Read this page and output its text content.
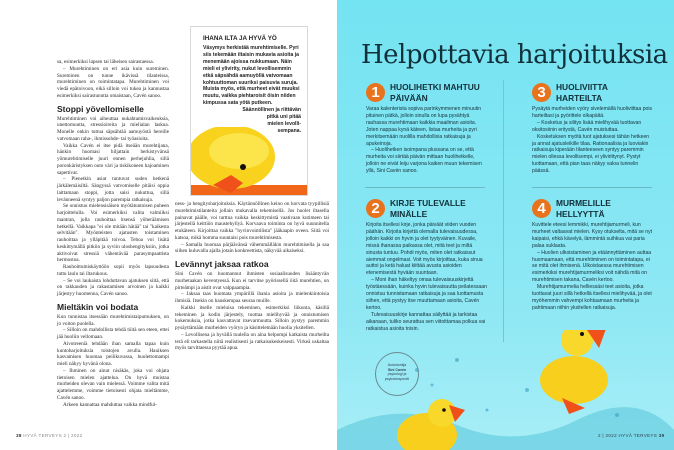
sa, esimerkiksi lapsen tai läheisen sairastaessa.

– Murehtiminen on eri asia kuin sureminen. Sureminen on tunne ikävissä tilanteissa, murehtiminen on toimintatapa. Murehtiminen voi viedä epätoivoon, eikä silloin voi tukea ja kannustaa esimerkiksi sairastunutta omaistaan, Cavén sanoo.

Stoppi yövellomiselle

Murehtiminen voi aiheuttaa nukahtamisvaikeuksia, unettomuutta, stressioireita ja mielialan laskua. Monelle onkin tuttua säpsähtää aamuyöstä hereille vatvomaan raha-, ihmissuhde- tai työasioita.

Vaikka Cavén ei itse pidä itseään murehtijana, hänkin huomasi hiljattain herkistyvänsä yömurehtimiselle juuri ennen perhejuhlia, sillä poronkäristyksen outo väri ja tiskikoneen hajoaminen sapettivat.

– Pienetkin asiat tuntuvat suden hetkenä järkälemäisiltä. Sängyssä vatvomiselle pitäisi oppia laittamaan stoppi, jotta saisi nukuttua, sillä levänneenä syntyy paljon parempia ratkaisuja.

Se onnistuu mielensisäisen myötätuntoisen puheen harjoittelulla. Voi esimerkiksi valita valmiiksi mantran, jolla rauhoittaa itsensä yöheräämisen hetkellä. Vaikkapa "ei ole mitään hätää" tai "kaikesta selvitään". Myönteisten ajatusten toistaminen rauhoittaa ja ylläpitää toivoa. Tehoa voi lisätä keskittymällä pitkiin ja syviin uloshengityksiin, jotka aktivoivat stressiä vähentävää parasympaattista hermostoa.

Rauhoittumiskäyttöön sopii myös lapsuudesta tuttu laulu tai iltarukous.

– Se voi laukaista lohduttavan ajatuksen siitä, että on rakkauden ja rakastamisen arvoinen ja kaikki järjestyy huomenna, Cavén sanoo.

Mieltäkin voi bodata

Kun tunnistaa itsessään murehtimistaipumuksen, on jo voiton puolella.

– Silloin on mahdollista tehdä töitä sen eteen, ettei jää huoliin vellomaan.

Aivotreeniä tehdään ihan samalla tapaa kuin kuntoharjoituksia toistojen avulla. Hauiksen kasvamisen huomaa peilikuvassa, huolettomampi mieli näkyy hyvänä olona.

– Ihminen on ainut nisäkäs, joka voi ohjata tietoisen mielen ajattelua. On hyvä muistaa murheiden olevan vain mielessä. Voimme valita mitä ajattelemme, voimme tietoisesti ohjata mieltämme, Cavén sanoo.

Arkeen kannattaa mahduttaa vaikka mindful-

IHANA ILTA JA HYVÄ YÖ
Väsymys herkistää murehtimiselle. Pyri siis tekemään iltaisin mukavia asioita ja menemään ajoissa nukkumaan. Näin mieli ei ylivirity, nukut levollisemmin etkä säpsähdä aamuyöllä vatvomaan kohtuuttoman suuriksi paisuvia suruja. Muista myös, että murheet eivät muuksi muutu, vaikka piehtaroisit öisin niiden kimpussa sata yötä putkeen.
Säännöllinen ja riittävän pitkä uni pitää
mielen levolli-
sempana.

ness- ja hengitysharjoituksia. Käytännöllinen keino on korvata tyypillisiä murehtimistilanteita jollain mukavalla tekemisellä. Jos huolet iltasella painavat päälle, voi tarttua vaikka keskittymistä vaativaan kutimeen tai järjestellä keittiön maustehyllyä. Korvaava toiminta on hyvä suunnitella etukäteen. Kirjoittaa vaikka "hyvinvointilista" jääkaapin oveen. Siitä voi katsoa, mikä homma suuntaisi pois murehtimisesta.

– Samalla huomaa pärjäävänsä vähemmälläkin murehtimisella ja saa siihen kuluvalla ajalla jotain konkreettista, näkyvää aikaiseksi.

Levännyt jaksaa ratkoa

Sini Cavén on huomannut ihmisten sosiaalisuuden lisääntyvän murhetaakan keventyessä. Kun ei tarvitse pyörissellä öitä murehtien, on pirteämpi ja aistit ovat valppaampia.

– Jaksaa taas huomata ympärillä ihania asioita ja mielenkiintoisia ihmisiä. Itsekin on hauskempaa seuraa muille.

Kaikki itselle mieluisa tekeminen, esimerkiksi liikunta, käsillä tekeminen ja kodin järjestely, tuottaa mielihyvää ja onnistumisen kokemuksia, jotka kasvattavat itsevarmuutta. Silloin pystyy paremmin pysäyttämään murheiden vyöryn ja käsittelemään huolia yksitellen.

– Levollisena ja hyvällä tuulella on aina helpompi katkaista murheilta terä eli tarkastella niitä realistisesti ja ratkaisukeskeisesti. Virkeä uskaltaa myös tarvittaessa pyytää apua.

38 HYVÄ TERVEYS 2 | 2022
Helpottavia harjoituksia
1	HUOLIHETKI MAHTUU PÄIVÄÄN

Varaa kalenterista sopiva parinkymmenen minuutin pituinen pätkä, jolloin sinulla on lupa pysähtyä rauhassa murehtimaan kaikkia maailman asioita. Joten nappaa kynä käteen, listaa murheita ja pyri merkitsemään nuolilla mahdollisia ratkaisuja ja apukeinoja.

– Huolihetken isoimpana plussana on se, että murheita voi siirtää päivän mittaan huolihetkelle, jolloin ne eivät leiju varjona kaiken muun tekemisen yllä, Sini Cavén sanoo.

2	KIRJE TULEVALLE MINÄLLE

Kirjoita itsellesi kirje, jonka päiväät viiden vuoden päähän. Kirjoita kirjettä olemalla tulevaisuudessa, jolloin kaikki on hyvin ja olet tyytyväinen. Kuvaile, missä ihanassa paikassa olet, mitä teet ja miltä sinusta tuntuu. Pohdi myös, miten olet ratkaissut aiemmat ongelmasi. Voit myös kirjoittaa, kuka sinua auttoi ja ketä haluat kiittää avusta asioiden etenemisestä hyvään suuntaan.

– Moni ihan häkeltyy omaa tulevaisuuskirjettä työstäessään, kuinka hyvin tulevaisuutta peilatessaan onnistuu tunnistamaan ratkaisuja ja saa luottamusta siihen, että pystyy itse muuttamaan asioita, Cavén kertoo.

Tulevaisuuskirje kannattaa säilyttää ja tarkistaa aikanaan, tuliko seurattua sen viitoittamaa polkua vai ratkaistua asioita toisin.

3	HUOLIVIITTA HARTEILTA

Pysäytä murheiden vyöry sivelemällä huoliviittaa pois harteiltasi ja pyörittele olkapäitä.

– Kosketus ja silitys lisää mielihyvää tuottavan oksitosiinin eritystä, Cavén muistuttaa.

Kosketuksen myötä tuot ajatuksesi tähän hetkeen ja annat ajatusleikille tilaa. Rationaalisia ja luoviakin ratkaisuja kiperään tilanteeseen syntyy paremmin mielen ollessa levollisempi, ei ylivirittynyt. Pystyt luottamaan, että pian taas näkyy valoa tunnelin päässä.

4	MURMELILLE HELLYYTTÄ

Kuvittele eteesi lemmikki, murehtijamurmeli, kun murheet valtaavat mielen. Kysy otukselta, mitä se nyt kaipaisi, ehkä kävelyä, lämmintä suihkua vai paria palaa suklaata.

– Huolien ulkoistaminen ja etäännyttäminen auttaa huomaamaan, että murehtiminen on toimintatapa, ei se mitä olet ihmisenä. Ulkoistaessa murehtimisen esimerkiksi murehtijamurmeliksi voit nähdä mitä on murehtimisen takana, Cavén kertoo.

Murehtijamurmelia helliessäsi teet asioita, jotka tuottavat juuri sillä hetkellä itsellesi mielihyvää, ja olet myöhemmin vahvempi kohtaamaan murheita ja pahtimaan niihin yksitellen ratkaisuja.

Asiantuntija
Sini Cavén
psykologi ja psykoterapeutti
2 | 2022 HYVÄ TERVEYS 39
